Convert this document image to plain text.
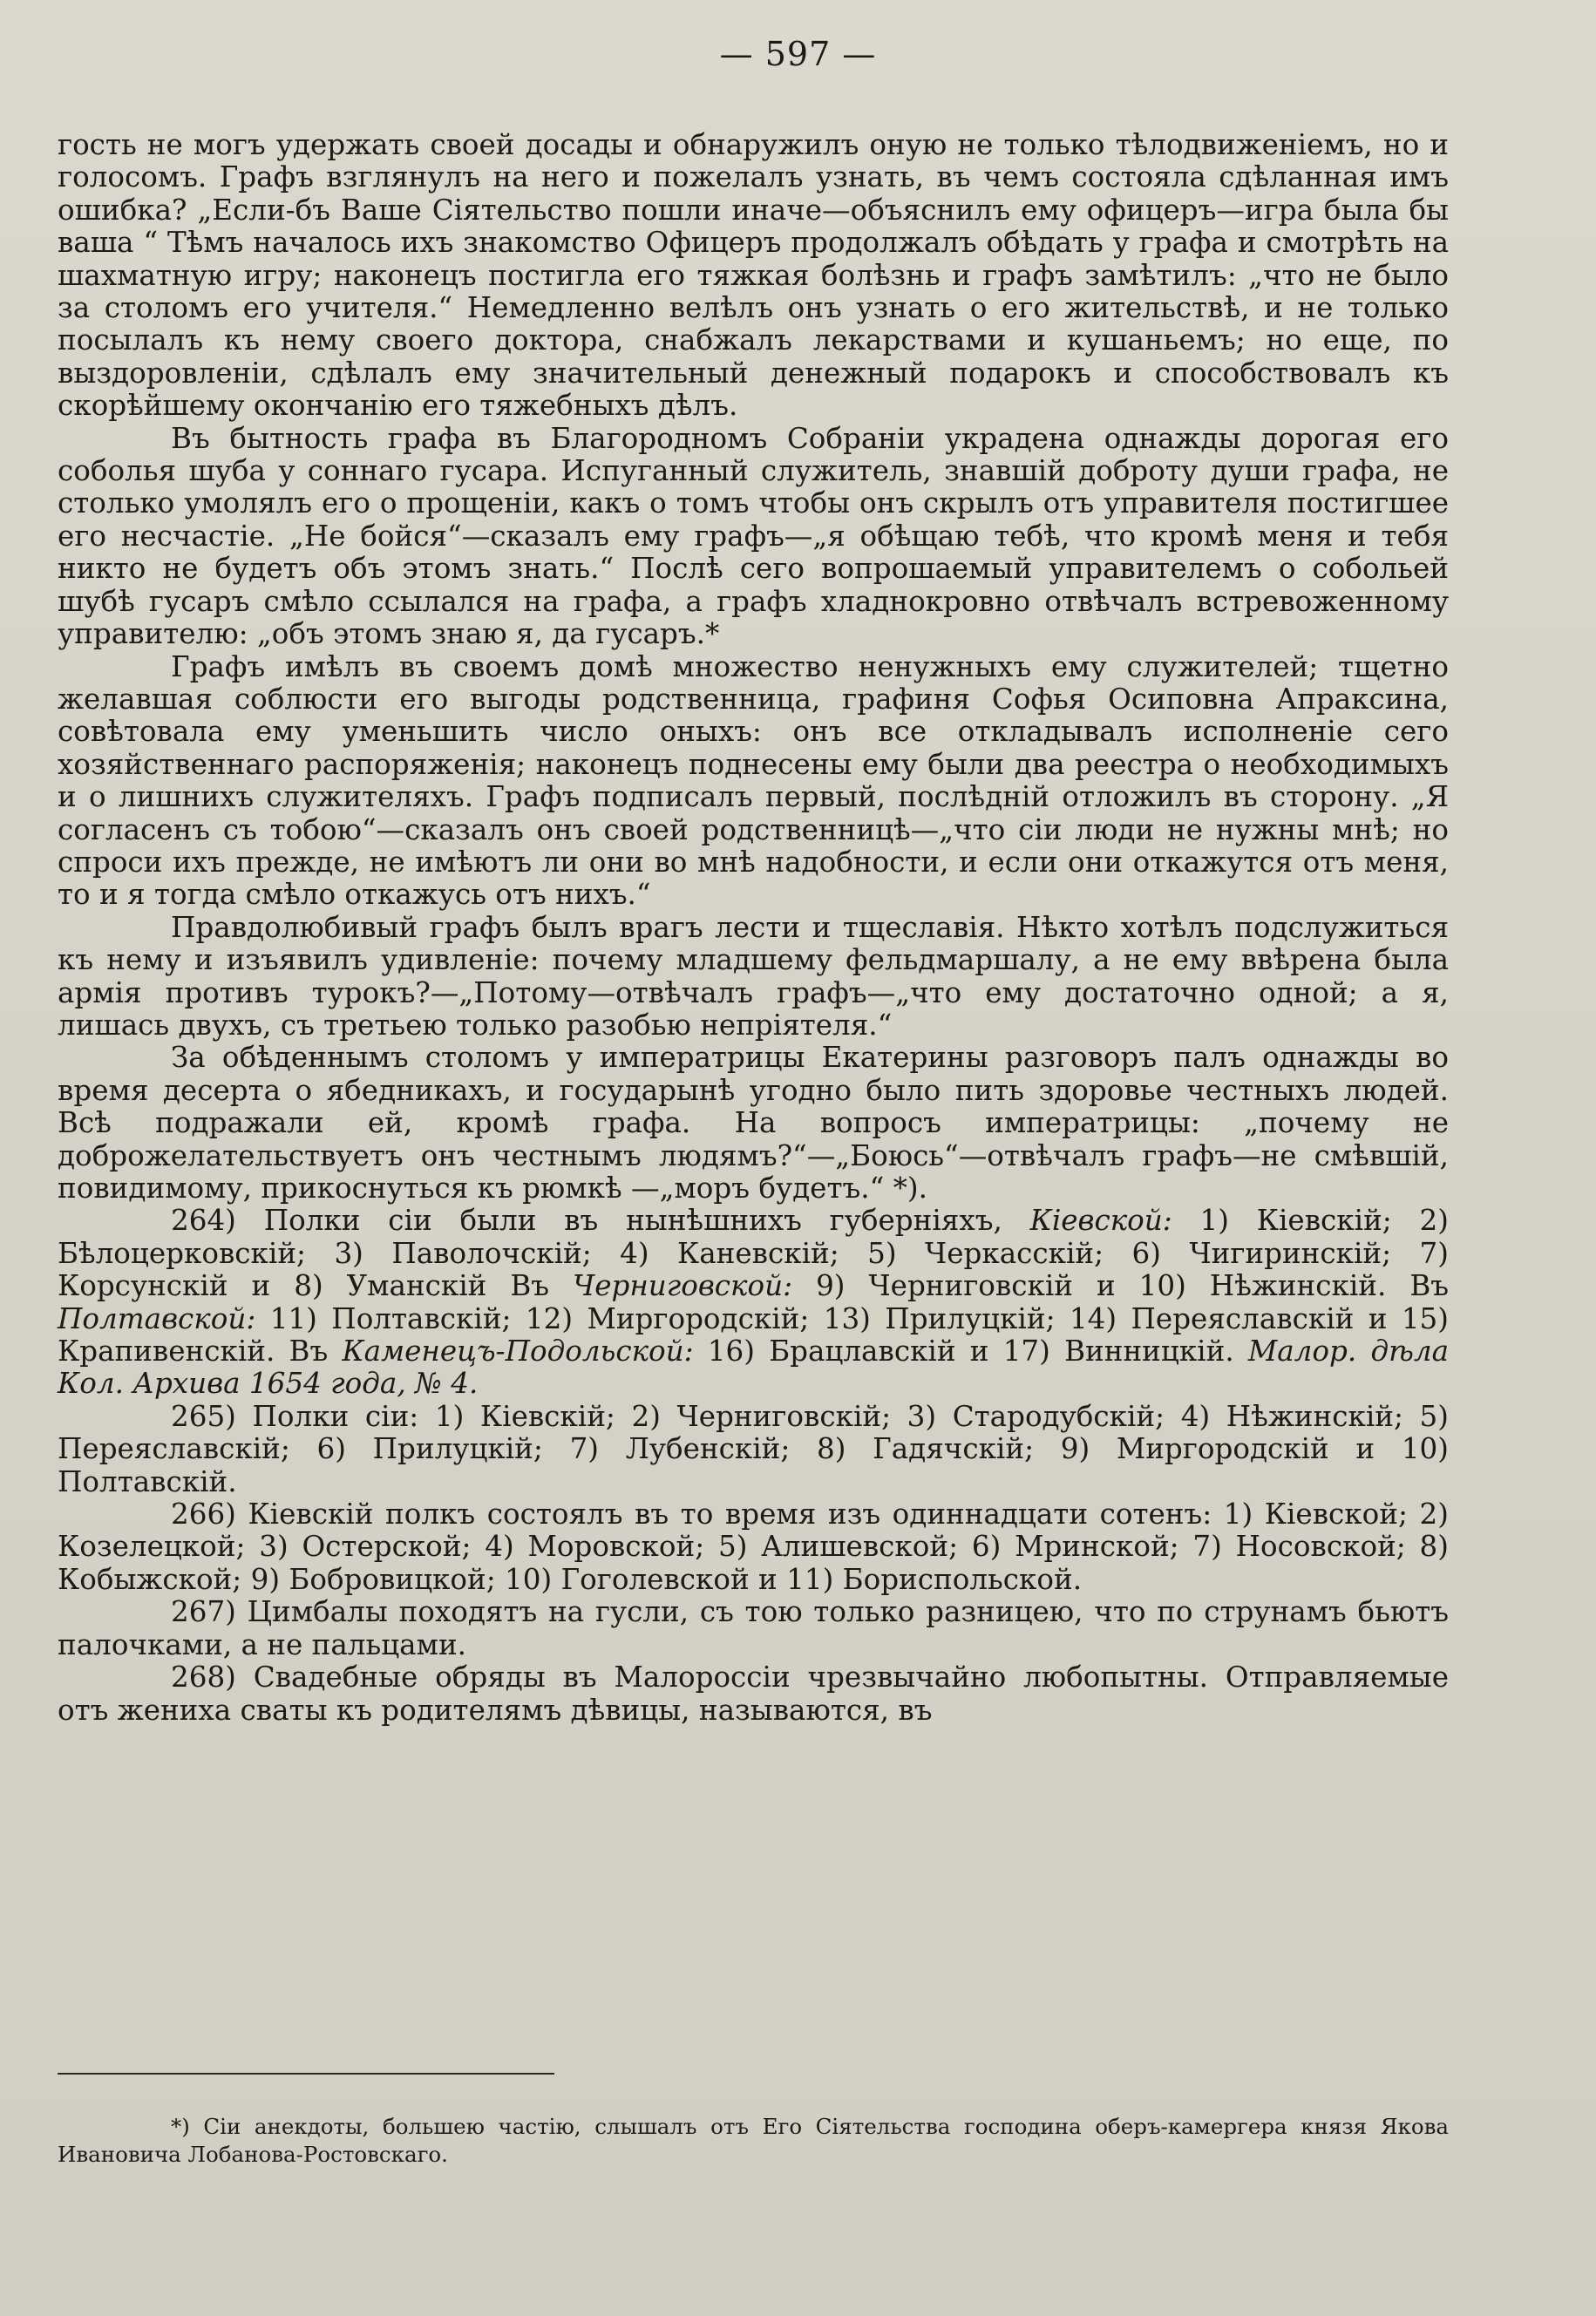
— 597 —

гость не могъ удержать своей досады и обнаружилъ оную не только тѣлодвиженіемъ, но и голосомъ. Графъ взглянулъ на него и пожелалъ узнать, въ чемъ состояла сдѣланная имъ ошибка? „Если-бъ Ваше Сіятельство пошли иначе—объяснилъ ему офицеръ—игра была бы ваша “ Тѣмъ началось ихъ знакомство Офицеръ продолжалъ обѣдать у графа и смотрѣть на шахматную игру; наконецъ постигла его тяжкая болѣзнь и графъ замѣтилъ: „что не было за столомъ его учителя.“ Немедленно велѣлъ онъ узнать о его жительствѣ, и не только посылалъ къ нему своего доктора, снабжалъ лекарствами и кушаньемъ; но еще, по выздоровленіи, сдѣлалъ ему значительный денежный подарокъ и способствовалъ къ скорѣйшему окончанію его тяжебныхъ дѣлъ.

Въ бытность графа въ Благородномъ Собраніи украдена однажды дорогая его соболья шуба у соннаго гусара. Испуганный служитель, знавшій доброту души графа, не столько умолялъ его о прощеніи, какъ о томъ чтобы онъ скрылъ отъ управителя постигшее его несчастіе. „Не бойся“—сказалъ ему графъ—„я обѣщаю тебѣ, что кромѣ меня и тебя никто не будетъ объ этомъ знать.“ Послѣ сего вопрошаемый управителемъ о собольей шубѣ гусаръ смѣло ссылался на графа, а графъ хладнокровно отвѣчалъ встревоженному управителю: „объ этомъ знаю я, да гусаръ.*

Графъ имѣлъ въ своемъ домѣ множество ненужныхъ ему служителей; тщетно желавшая соблюсти его выгоды родственница, графиня Софья Осиповна Апраксина, совѣтовала ему уменьшить число оныхъ: онъ все откладывалъ исполненіе сего хозяйственнаго распоряженія; наконецъ поднесены ему были два реестра о необходимыхъ и о лишнихъ служителяхъ. Графъ подписалъ первый, послѣдній отложилъ въ сторону. „Я согласенъ съ тобою“—сказалъ онъ своей родственницѣ—„что сіи люди не нужны мнѣ; но спроси ихъ прежде, не имѣютъ ли они во мнѣ надобности, и если они откажутся отъ меня, то и я тогда смѣло откажусь отъ нихъ.“

Правдолюбивый графъ былъ врагъ лести и тщеславія. Нѣкто хотѣлъ подслужиться къ нему и изъявилъ удивленіе: почему младшему фельдмаршалу, а не ему ввѣрена была армія противъ турокъ?—„Потому—отвѣчалъ графъ—„что ему достаточно одной; а я, лишась двухъ, съ третьею только разобью непріятеля.“

За обѣденнымъ столомъ у императрицы Екатерины разговоръ палъ однажды во время десерта о ябедникахъ, и государынѣ угодно было пить здоровье честныхъ людей. Всѣ подражали ей, кромѣ графа. На вопросъ императрицы: „почему не доброжелательствуетъ онъ честнымъ людямъ?“—„Боюсь“—отвѣчалъ графъ—не смѣвшій, повидимому, прикоснуться къ рюмкѣ —„моръ будетъ.“ *).

264) Полки сіи были въ нынѣшнихъ губерніяхъ, Кіевской: 1) Кіевскій; 2) Бѣлоцерковскій; 3) Паволочскій; 4) Каневскій; 5) Черкасскій; 6) Чигиринскій; 7) Корсунскій и 8) Уманскій Въ Черниговской: 9) Черниговскій и 10) Нѣжинскій. Въ Полтавской: 11) Полтавскій; 12) Миргородскій; 13) Прилуцкій; 14) Переяславскій и 15) Крапивенскій. Въ Каменецъ-Подольской: 16) Брацлавскій и 17) Винницкій. Малор. дѣла Кол. Архива 1654 года, № 4.

265) Полки сіи: 1) Кіевскій; 2) Черниговскій; 3) Стародубскій; 4) Нѣжинскій; 5) Переяславскій; 6) Прилуцкій; 7) Лубенскій; 8) Гадячскій; 9) Миргородскій и 10) Полтавскій.

266) Кіевскій полкъ состоялъ въ то время изъ одиннадцати сотенъ: 1) Кіевской; 2) Козелецкой; 3) Остерской; 4) Моровской; 5) Алишевской; 6) Мринской; 7) Носовской; 8) Кобыжской; 9) Бобровицкой; 10) Гоголевской и 11) Бориспольской.

267) Цимбалы походятъ на гусли, съ тою только разницею, что по струнамъ бьютъ палочками, а не пальцами.

268) Свадебные обряды въ Малороссіи чрезвычайно любопытны. Отправляемые отъ жениха сваты къ родителямъ дѣвицы, называются, въ

*) Сіи анекдоты, большею частію, слышалъ отъ Его Сіятельства господина оберъ-камергера князя Якова Ивановича Лобанова-Ростовскаго.
